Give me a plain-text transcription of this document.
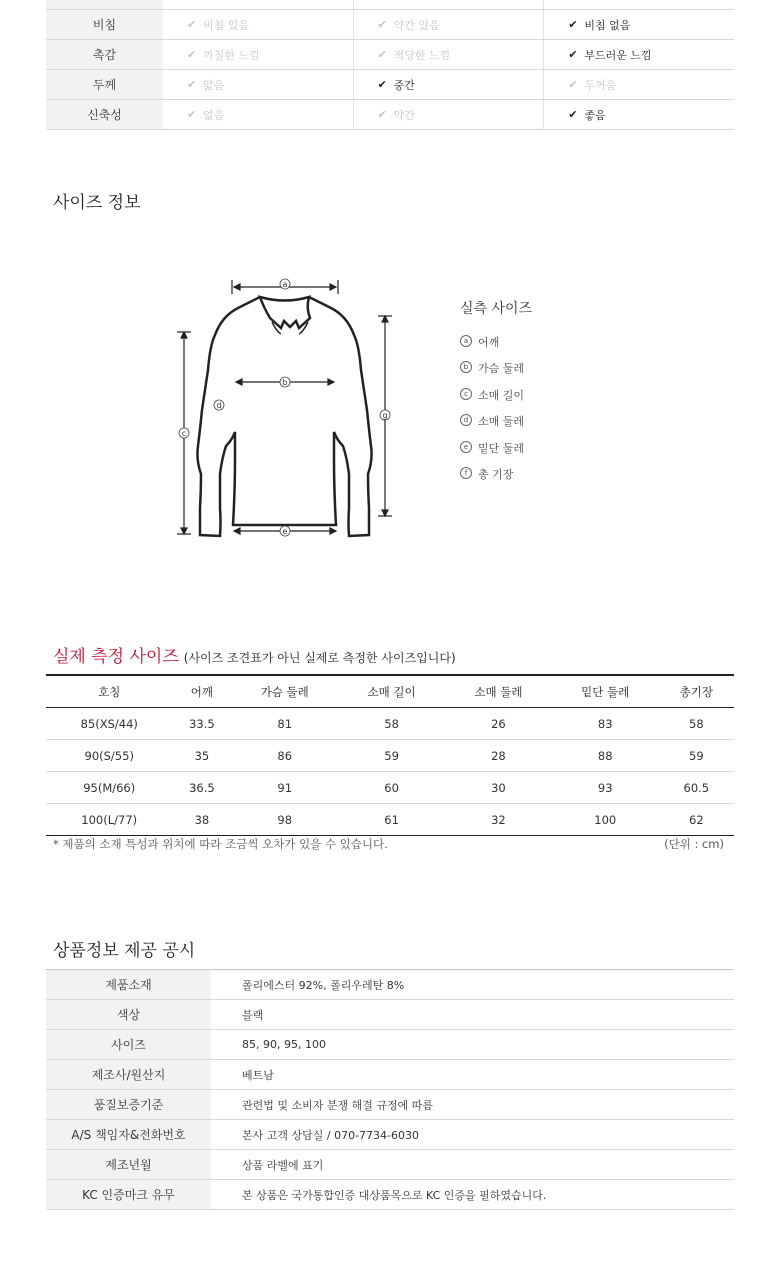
비침	✔ 비침 있음	✔ 약간 있음	✔ 비침 없음
촉감	✔ 까칠한 느낌	✔ 적당한 느낌	✔ 부드러운 느낌
두께	✔ 얇음	✔ 중간	✔ 두꺼움
신축성	✔ 없음	✔ 약간	✔ 좋음
사이즈 정보
a
b
c
d
e
g
실측 사이즈
a 어깨
b 가슴 둘레
c 소매 길이
d 소매 둘레
e 밑단 둘레
f 총 기장
실제 측정 사이즈 (사이즈 조견표가 아닌 실제로 측정한 사이즈입니다)
호칭	어깨	가슴 둘레	소매 길이	소매 둘레	밑단 둘레	총기장
85(XS/44)	33.5	81	58	26	83	58
90(S/55)	35	86	59	28	88	59
95(M/66)	36.5	91	60	30	93	60.5
100(L/77)	38	98	61	32	100	62
* 제품의 소재 특성과 위치에 따라 조금씩 오차가 있을 수 있습니다.	(단위 : cm)
상품정보 제공 공시
제품소재	폴리에스터 92%, 폴리우레탄 8%
색상	블랙
사이즈	85, 90, 95, 100
제조사/원산지	베트남
품질보증기준	관련법 및 소비자 분쟁 해결 규정에 따름
A/S 책임자&전화번호	본사 고객 상담실 / 070-7734-6030
제조년월	상품 라벨에 표기
KC 인증마크 유무	본 상품은 국가통합인증 대상품목으로 KC 인증을 필하였습니다.
